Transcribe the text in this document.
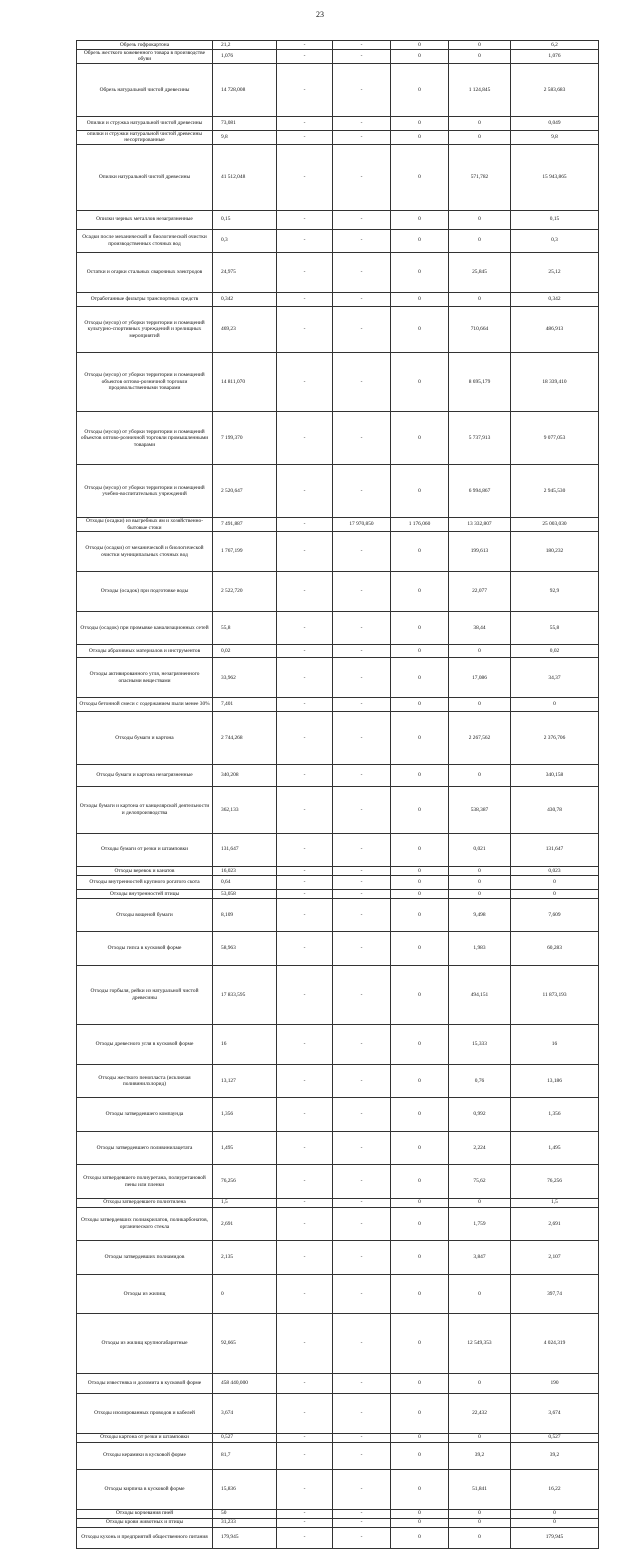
23
Обрезь гофрокартона	21,2	-	-	0	0	6,2	
Обрезь жесткого кожевенного товара в производстве обуви	1,076	-	-	0	0	1,076	
Обрезь натуральной чистой древесины	14 728,008	-	-	0	1 124,845	2 583,683	
Опилки и стружка натуральной чистой древесины	73,081	-	-	0	0	0,049	
опилки и стружки натуральной чистой древесины несортированные	9,8	-	-	0	0	9,8	
Опилки натуральной чистой древесины	41 512,048	-	-	0	571,782	15 943,865	
Опилки черных металлов незагрязненные	0,15	-	-	0	0	0,15	
Осадки после механической и биологической очистки производственных сточных вод	0,3	-	-	0	0	0,3	
Остатки и огарки стальных сварочных электродов	24,975	-	-	0	25,845	25,12	
Отработанные фильтры транспортных средств	0,342	-	-	0	0	0,342	
Отходы (мусор) от уборки территории и помещений культурно-спортивных учреждений и зрелищных мероприятий	469,23	-	-	0	710,664	486,913	
Отходы (мусор) от уборки территории и помещений объектов оптово-розничной торговли продовольственными товарами	14 811,070	-	-	0	8 695,179	18 339,410	
Отходы (мусор) от уборки территории и помещений объектов оптово-розничной торговли промышленными товарами	7 199,370	-	-	0	5 737,913	9 077,053	
Отходы (мусор) от уборки территории и помещений учебно-воспитательных учреждений	2 520,647	-	-	0	6 994,867	2 945,530	
Отходы (осадки) из выгребных ям и хозяйственно-бытовые стоки	7 491,887	-	17 970,850	1 176,060	13 332,807	25 003,030	
Отходы (осадки) от механической и биологической очистки муниципальных сточных вод	1 767,199	-	-	0	199,613	180,232	
Отходы (осадок) при подготовке воды	2 522,720	-	-	0	22,077	92,9	
Отходы (осадок) при промывке канализационных сетей	55,8	-	-	0	38,44	55,8	
Отходы абразивных материалов и инструментов	0,02	-	-	0	0	0,02	
Отходы активированного угля, незагрязненного опасными веществами	33,962	-	-	0	17,086	34,37	
Отходы бетонной смеси с содержанием пыли менее 30%	7,401	-	-	0	0	0	
Отходы бумаги и картона	2 744,268	-	-	0	2 267,562	2 376,706	
Отходы бумаги и картона незагрязненные	340,208	-	-	0	0	340,158	
Отходы бумаги и картона от канцелярской деятельности и делопроизводства	362,133	-	-	0	538,387	430,78	
Отходы бумаги от резки и штамповки	131,647	-	-	0	0,021	131,647	
Отходы веревок и канатов	16,023	-	-	0	0	0,023	
Отходы внутренностей крупного рогатого скота	0,64	-	-	0	0	0	
Отходы внутренностей птицы	53,058	-	-	0	0	0	
Отходы вощеной бумаги	8,109	-	-	0	9,498	7,609	
Отходы гипса в кусковой форме	58,963	-	-	0	1,983	60,283	
Отходы горбыля, рейки из натуральной чистой древесины	17 833,595	-	-	0	494,151	11 873,193	
Отходы древесного угля в кусковой форме	16	-	-	0	15,333	16	
Отходы жесткого пенопласта (исключая поливинилхлорид)	13,127	-	-	0	0,76	13,186	
Отходы затвердевшего компаунда	1,356	-	-	0	0,992	1,356	
Отходы затвердевшего поливинилацетата	1,495	-	-	0	2,224	1,495	
Отходы затвердевшего полиуретана, полиуретановой пены или пленки	76,256	-	-	0	75,62	76,256	
Отходы затвердевшего полиэтилена	1,5	-	-	0	0	1,5	
Отходы затвердевших полиакрилатов, поликарбонатов, органического стекла	2,691	-	-	0	1,759	2,691	
Отходы затвердевших полиамидов	2,135	-	-	0	3,847	2,107	
Отходы из жилищ	0	-	-	0	0	397,74	
Отходы из жилищ крупногабаритные	92,665	-	-	0	12 549,353	4 024,319	
Отходы известняка и доломита в кусковой форме	458 440,000	-	-	0	0	190	
Отходы изолированных проводов и кабелей	3,674	-	-	0	22,432	3,674	
Отходы картона от резки и штамповки	0,527	-	-	0	0	0,527	
Отходы керамики в кусковой форме	81,7	-	-	0	39,2	39,2	
Отходы кирпича в кусковой форме	15,836	-	-	0	51,841	16,22	
Отходы корчевания пней	50	-	-	0	0	0	
Отходы крови животных и птицы	31,233	-	-	0	0	0	
Отходы кухонь и предприятий общественного питания	179,945	-	-	0	0	179,945	
